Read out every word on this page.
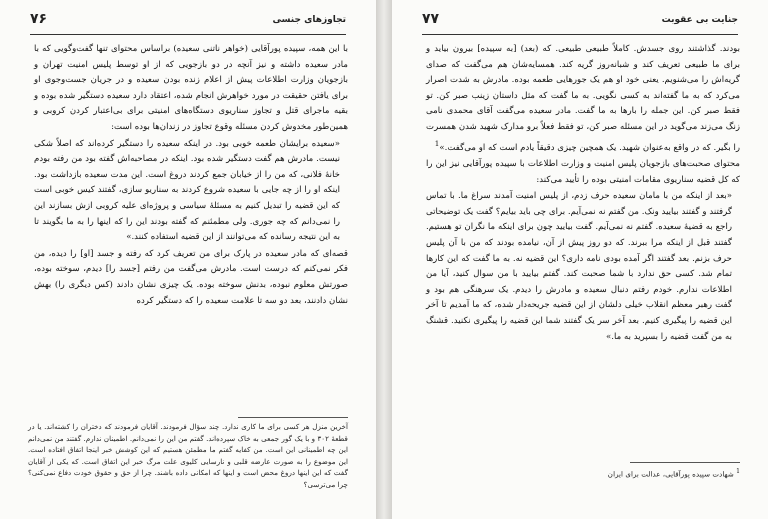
تجاوزهای جنسی
۷۶

با این همه، سپیده پورآقایی (خواهر ناتنی سعیده) براساس محتوای تنها گفت‌وگویی که با مادر سعیده داشته و نیز آنچه در دو بازجویی که از او توسط پلیس امنیت تهران و بازجویان وزارت اطلاعات پیش از اعلام زنده بودن سعیده و در جریان جست‌وجوی او برای یافتن حقیقت در مورد خواهرش انجام شده، اعتقاد دارد سعیده دستگیر شده بوده و بقیه ماجرای قتل و تجاوز سناریوی دستگاه‌های امنیتی برای بی‌اعتبار کردن کروبی و همین‌طور مخدوش کردن مسئله وقوع تجاوز در زندان‌ها بوده است:

«سعیده برایشان طعمه خوبی بود. در اینکه سعیده را دستگیر کرده‌اند که اصلاً شکی نیست. مادرش هم گفت دستگیر شده بود. اینکه در مصاحبه‌اش گفته بود من رفته بودم خانهٔ فلانی، که من را از خیابان جمع کردند دروغ است. این مدت سعیده بازداشت بود. اینکه او را از چه جایی با سعیده شروع کردند به سناریو سازی، گفتند کیس خوبی است که این قضیه را تبدیل کنیم به مسئلهٔ سیاسی و پروژه‌ای علیه کروبی ازش بسازند این را نمی‌دانم که چه جوری. ولی مطمئنم که گفته بودند این را که اینها را به ما بگویند تا به این نتیجه رسانده که می‌توانند از این قضیه استفاده کنند.»

قصه‌ای که مادر سعیده در پارک برای من تعریف کرد که رفته و جسد [او] را دیده، من فکر نمی‌کنم که درست است. مادرش می‌گفت من رفتم [جسد را] دیدم، سوخته بوده، صورتش معلوم نبوده، بدنش سوخته بوده. یک چیزی نشان دادند (کس دیگری را) بهش نشان دادنند، بعد دو سه تا علامت سعیده را که دستگیر کرده

آخرین منزل هر کسی برای ما کاری ندارد. چند سؤال فرمودند. آقایان فرمودند که دختران را کشته‌اند. یا در قطعهٔ ۳۰۲ و با یک گور جمعی به خاک سپرده‌اند. گفتم من این را نمی‌دانم. اطمینان ندارم. گفتند من نمی‌دانم این چه اطمینانی این است. من کفایه گفتم ما مطمئن هستیم که این کوشش خبر اینجا اتفاق افتاده است. این موضوع را به صورت عارضه قلبی و نارسایی کلیوی علت مرگ خبر این اتفاق است. که یکی از آقایان گفت که این اینها دروغ محض است و اینها که امکانی داده باشند. چرا از حق و حقوق خودت دفاع نمی‌کنی؟ چرا می‌ترسی؟
جنایت بی عقوبت
۷۷

بودند. گذاشتند روی جسدش. کاملاً طبیعی طبیعی. که (بعد) [به سپیده] بیرون بیاید و برای ما طبیعی تعریف کند و شبانه‌روز گریه کند. همسایه‌شان هم می‌گفت که صدای گریه‌اش را می‌شنویم. یعنی خود او هم یک جورهایی طعمه بوده. مادرش به شدت اصرار می‌کرد که به ما گفته‌اند به کسی نگویی. به ما گفت که مثل داستان زینب صبر کن. تو فقط صبر کن. این جمله را بارها به ما گفت. مادر سعیده می‌گفت آقای محمدی نامی زنگ می‌زند می‌گوید در این مسئله صبر کن، تو فقط فعلاً برو مدارک شهید شدن همسرت را بگیر. که در واقع به‌عنوان شهید. یک همچین چیزی دقیقاً یادم است که او می‌گفت.»$^1$

محتوای صحبت‌های بازجویان پلیس امنیت و وزارت اطلاعات با سپیده پورآقایی نیز این را که کل قضیه سناریوی مقامات امنیتی بوده را تأیید می‌کند:

«بعد از اینکه من با مامان سعیده حرف زدم، از پلیس امنیت آمدند سراغ ما. با تماس گرفتند و گفتند بیایید ونک. من گفتم نه نمی‌آیم. برای چی باید بیایم؟ گفت یک توضیحاتی راجع به قضیهٔ سعیده. گفتم نه نمی‌آیم. گفت بیایید چون برای اینکه ما نگران تو هستیم. گفتند قبل از اینکه مرا ببرند. که دو روز پیش از آن، نیامده بودند که من با آن پلیس حرف بزنم. بعد گفتند اگر آمده بودی نامه داری؟ این قضیه نه. به ما گفت که این کارها تمام شد. کسی حق ندارد با شما صحبت کند. گفتم بیایید با من سوال کنید، آیا من اطلاعات ندارم. خودم رفتم دنبال سعیده و مادرش را دیدم. یک سرهنگی هم بود و گفت رهبر معظم انقلاب خیلی دلشان از این قضیه جریحه‌دار شده، که ما آمدیم تا آخر این قضیه را پیگیری کنیم. بعد آخر سر یک گفتند شما این قضیه را پیگیری نکنید. قشنگ به من گفت قضیه را بسپرید به ما.»

$^1$ شهادت سپیده پورآقایی، عدالت برای ایران
